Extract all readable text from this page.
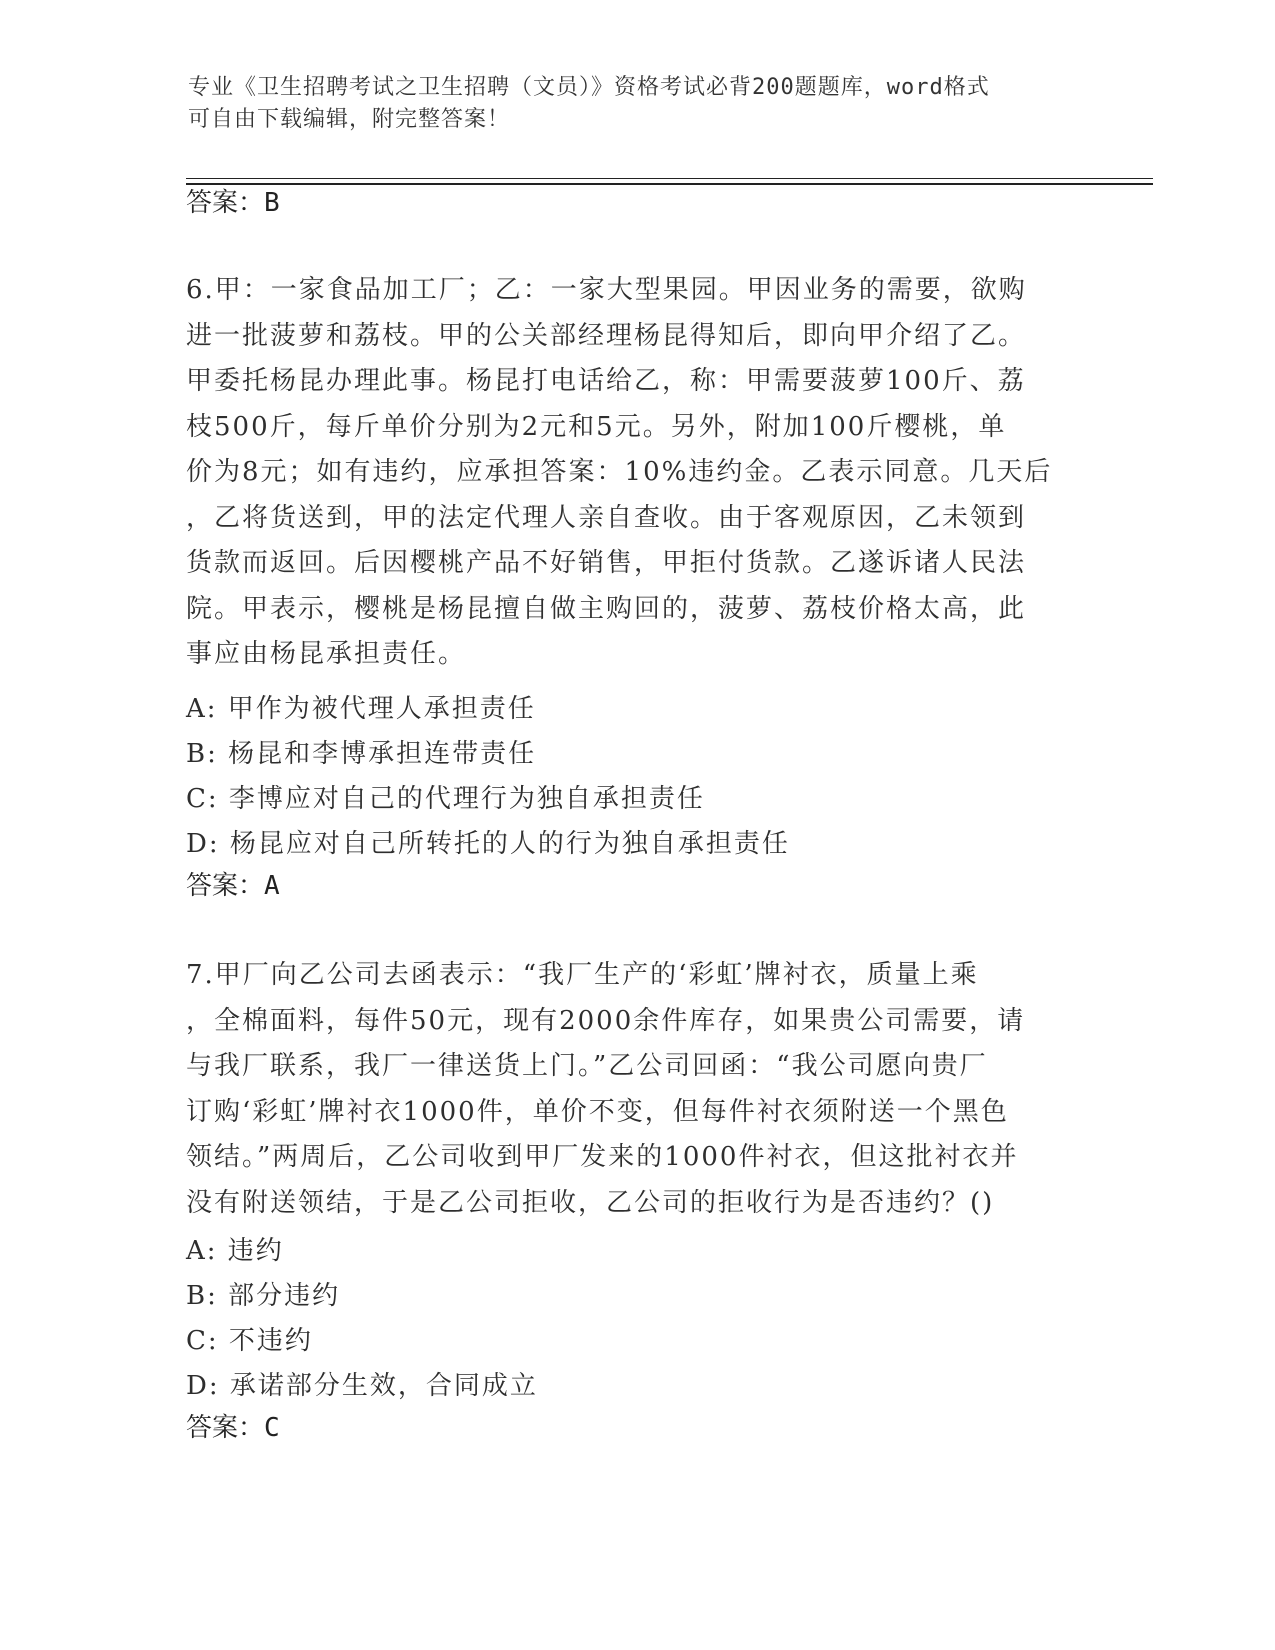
专业《卫生招聘考试之卫生招聘（文员）》资格考试必背200题题库，word格式
可自由下载编辑，附完整答案！
答案：B
6.甲：一家食品加工厂；乙：一家大型果园。甲因业务的需要，欲购
进一批菠萝和荔枝。甲的公关部经理杨昆得知后，即向甲介绍了乙。
甲委托杨昆办理此事。杨昆打电话给乙，称：甲需要菠萝100斤、荔
枝500斤，每斤单价分别为2元和5元。另外，附加100斤樱桃，单
价为8元；如有违约，应承担答案：10%违约金。乙表示同意。几天后
，乙将货送到，甲的法定代理人亲自查收。由于客观原因，乙未领到
货款而返回。后因樱桃产品不好销售，甲拒付货款。乙遂诉诸人民法
院。甲表示，樱桃是杨昆擅自做主购回的，菠萝、荔枝价格太高，此
事应由杨昆承担责任。
A: 甲作为被代理人承担责任
B: 杨昆和李博承担连带责任
C: 李博应对自己的代理行为独自承担责任
D: 杨昆应对自己所转托的人的行为独自承担责任
答案：A
7.甲厂向乙公司去函表示：“我厂生产的‘彩虹’牌衬衣，质量上乘
，全棉面料，每件50元，现有2000余件库存，如果贵公司需要，请
与我厂联系，我厂一律送货上门。”乙公司回函：“我公司愿向贵厂
订购‘彩虹’牌衬衣1000件，单价不变，但每件衬衣须附送一个黑色
领结。”两周后，乙公司收到甲厂发来的1000件衬衣，但这批衬衣并
没有附送领结，于是乙公司拒收，乙公司的拒收行为是否违约？()
A: 违约
B: 部分违约
C: 不违约
D: 承诺部分生效，合同成立
答案：C
